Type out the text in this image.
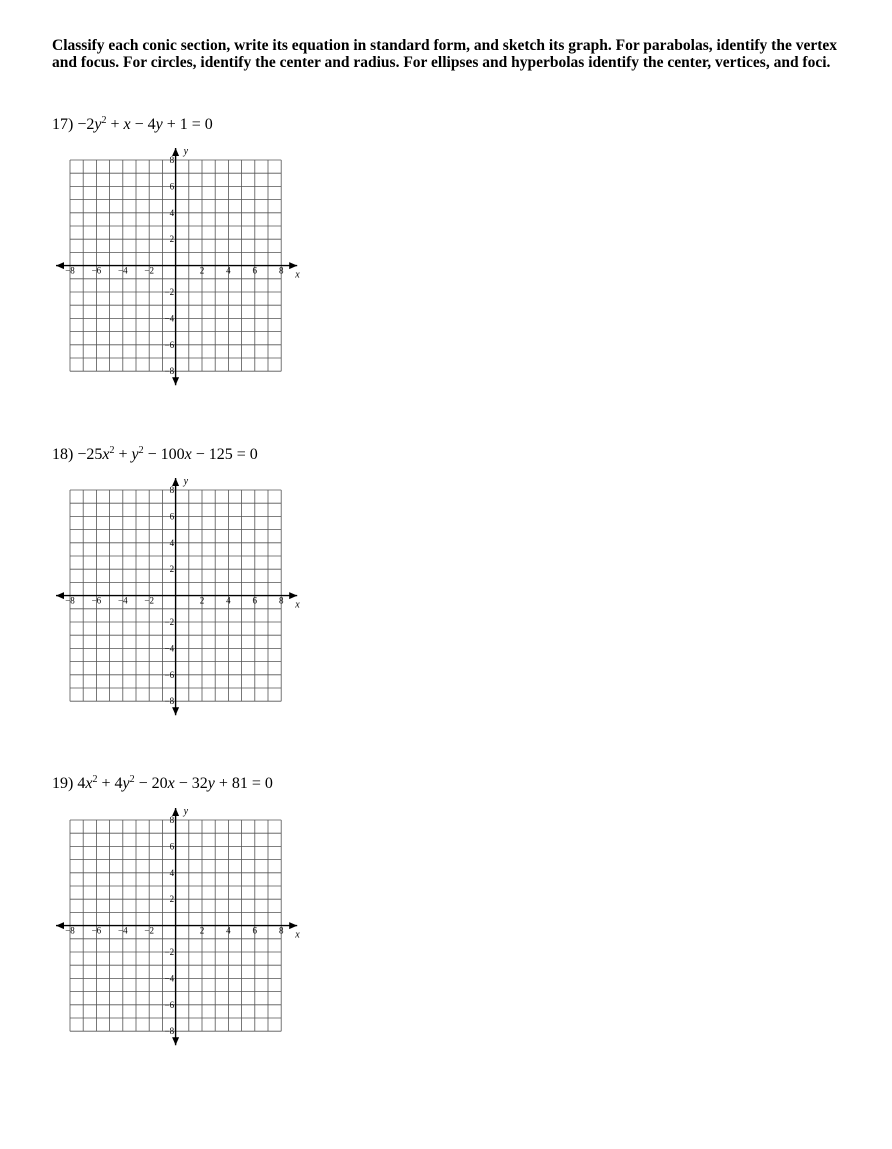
Classify each conic section, write its equation in standard form, and sketch its graph. For parabolas, identify the vertex and focus. For circles, identify the center and radius. For ellipses and hyperbolas identify the center, vertices, and foci.
$17) -2y^2 + x - 4y + 1 = 0$
−8 −6 −4 −2	2 4 6 8
8
6
4
2
−2
−4
−6
−8
x
y
$18) -25x^2 + y^2 - 100x - 125 = 0$
−8 −6 −4 −2	2 4 6 8
8
6
4
2
−2
−4
−6
−8
x
y
19) $4x^2 + 4y^2 - 20x - 32y + 81 = 0$
−8 −6 −4 −2	2 4 6 8
8
6
4
2
−2
−4
−6
−8
x
y
